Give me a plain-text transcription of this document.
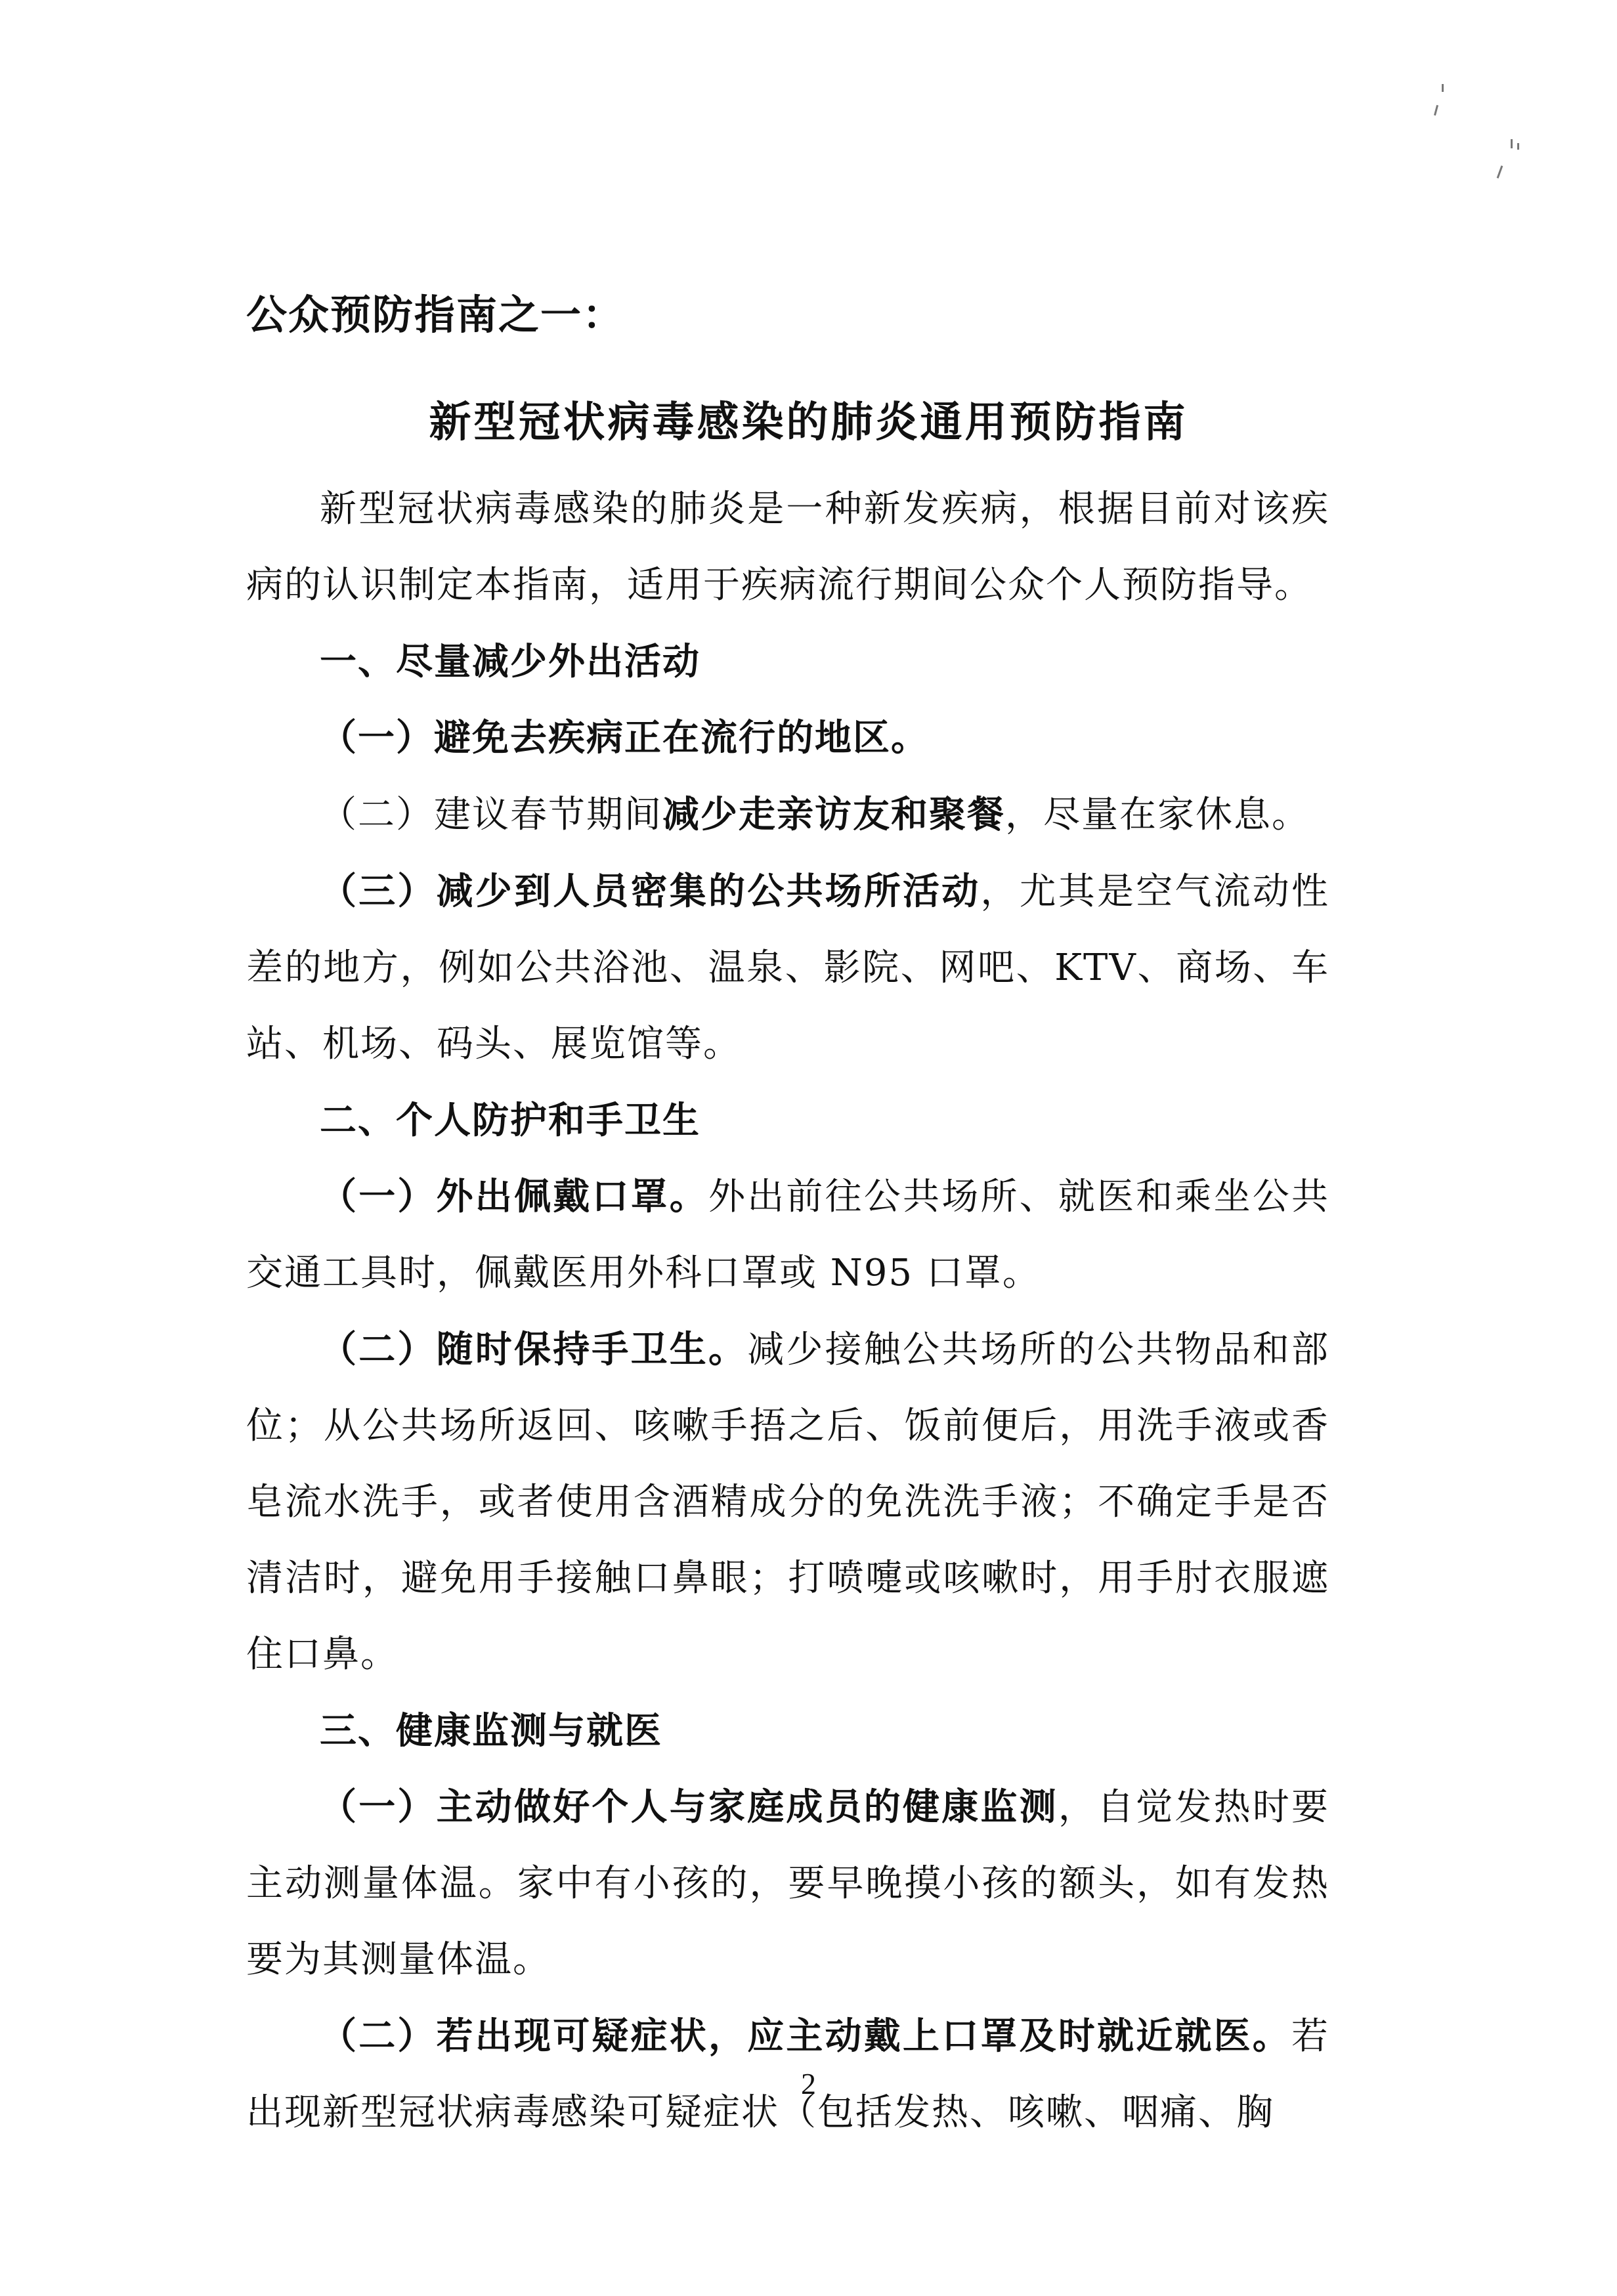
公众预防指南之一：
新型冠状病毒感染的肺炎通用预防指南

新型冠状病毒感染的肺炎是一种新发疾病，根据目前对该疾病的认识制定本指南，适用于疾病流行期间公众个人预防指导。

一、尽量减少外出活动

（一）避免去疾病正在流行的地区。

（二）建议春节期间减少走亲访友和聚餐，尽量在家休息。

（三）减少到人员密集的公共场所活动，尤其是空气流动性差的地方，例如公共浴池、温泉、影院、网吧、KTV、商场、车站、机场、码头、展览馆等。

二、个人防护和手卫生

（一）外出佩戴口罩。外出前往公共场所、就医和乘坐公共交通工具时，佩戴医用外科口罩或 N95 口罩。

（二）随时保持手卫生。减少接触公共场所的公共物品和部位；从公共场所返回、咳嗽手捂之后、饭前便后，用洗手液或香皂流水洗手，或者使用含酒精成分的免洗洗手液；不确定手是否清洁时，避免用手接触口鼻眼；打喷嚏或咳嗽时，用手肘衣服遮住口鼻。

三、健康监测与就医

（一）主动做好个人与家庭成员的健康监测，自觉发热时要主动测量体温。家中有小孩的，要早晚摸小孩的额头，如有发热要为其测量体温。

（二）若出现可疑症状，应主动戴上口罩及时就近就医。若出现新型冠状病毒感染可疑症状（包括发热、咳嗽、咽痛、胸

2
